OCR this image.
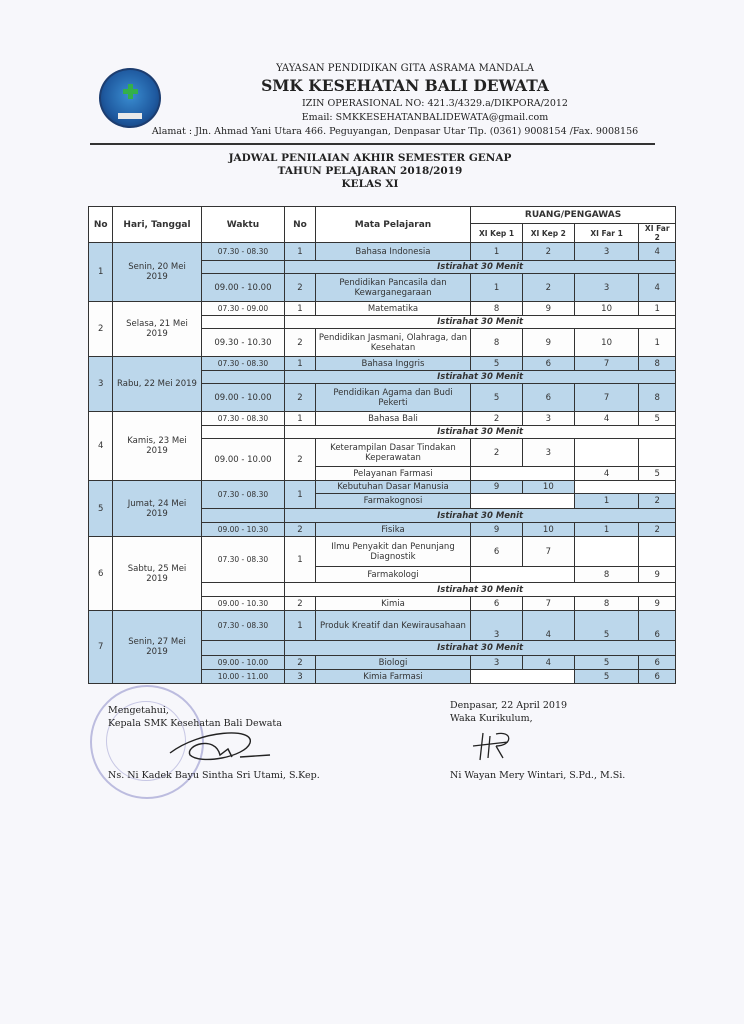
YAYASAN PENDIDIKAN GITA ASRAMA MANDALA
SMK KESEHATAN BALI DEWATA
IZIN OPERASIONAL NO: 421.3/4329.a/DIKPORA/2012
Email: SMKKESEHATANBALIDEWATA@gmail.com
Alamat : Jln. Ahmad Yani Utara 466. Peguyangan, Denpasar Utar Tlp. (0361) 9008154 /Fax. 9008156
JADWAL PENILAIAN AKHIR SEMESTER GENAP
TAHUN PELAJARAN 2018/2019
KELAS XI
No	Hari, Tanggal	Waktu	No	Mata Pelajaran	RUANG/PENGAWAS			
					XI Kep 1	XI Kep 2	XI Far 1	XI Far 2
1	Senin, 20 Mei 2019	07.30 - 08.30	1	Bahasa Indonesia	1	2	3	4
			Istirahat 30 Menit					
		09.00 - 10.00	2	Pendidikan Pancasila dan Kewarganegaraan	1	2	3	4
2	Selasa, 21 Mei 2019	07.30 - 09.00	1	Matematika	8	9	10	1
			Istirahat 30 Menit					
		09.30 - 10.30	2	Pendidikan Jasmani, Olahraga, dan Kesehatan	8	9	10	1
3	Rabu, 22 Mei 2019	07.30 - 08.30	1	Bahasa Inggris	5	6	7	8
			Istirahat 30 Menit					
		09.00 - 10.00	2	Pendidikan Agama dan Budi Pekerti	5	6	7	8
4	Kamis, 23 Mei 2019	07.30 - 08.30	1	Bahasa Bali	2	3	4	5
			Istirahat 30 Menit					
		09.00 - 10.00	2	Keterampilan Dasar Tindakan Keperawatan	2	3		
				Pelayanan Farmasi			4	5
5	Jumat, 24 Mei 2019	07.30 - 08.30	1	Kebutuhan Dasar Manusia	9	10		
				Farmakognosi			1	2
			Istirahat 30 Menit					
		09.00 - 10.30	2	Fisika	9	10	1	2
6	Sabtu, 25 Mei 2019	07.30 - 08.30	1	Ilmu Penyakit dan Penunjang Diagnostik	6	7		
				Farmakologi			8	9
			Istirahat 30 Menit					
		09.00 - 10.30	2	Kimia	6	7	8	9
7	Senin, 27 Mei 2019	07.30 - 08.30	1	Produk Kreatif dan Kewirausahaan	3	4	5	6
			Istirahat 30 Menit					
		09.00 - 10.00	2	Biologi	3	4	5	6
		10.00 - 11.00	3	Kimia Farmasi			5	6
Mengetahui,
Kepala SMK Kesehatan Bali Dewata
Ns. Ni Kadek Bayu Sintha Sri Utami, S.Kep.
Denpasar, 22 April 2019
Waka Kurikulum,
Ni Wayan Mery Wintari, S.Pd., M.Si.
